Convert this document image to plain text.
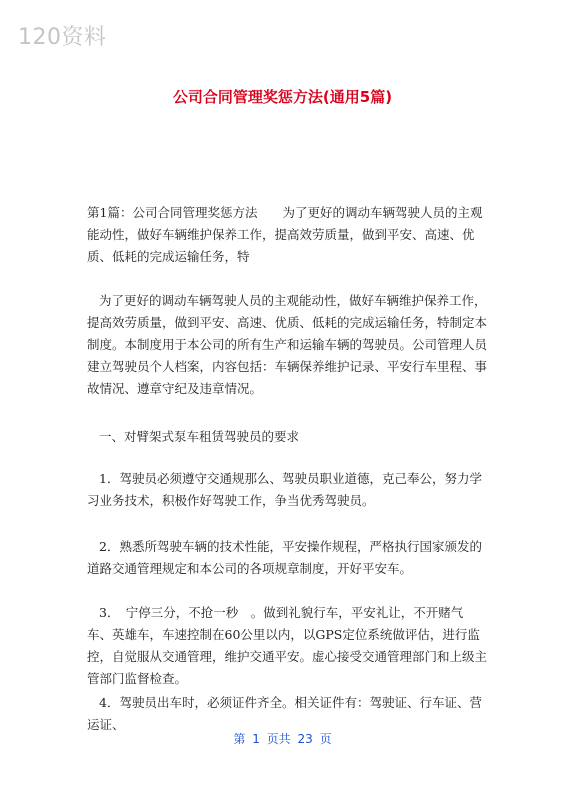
120资料
公司合同管理奖惩方法(通用5篇)

第1篇：公司合同管理奖惩方法　　为了更好的调动车辆驾驶人员的主观能动性，做好车辆维护保养工作，提高效劳质量，做到平安、高速、优质、低耗的完成运输任务，特

为了更好的调动车辆驾驶人员的主观能动性，做好车辆维护保养工作，提高效劳质量，做到平安、高速、优质、低耗的完成运输任务，特制定本制度。本制度用于本公司的所有生产和运输车辆的驾驶员。公司管理人员建立驾驶员个人档案，内容包括：车辆保养维护记录、平安行车里程、事故情况、遵章守纪及违章情况。

一、对臂架式泵车租赁驾驶员的要求

1．驾驶员必须遵守交通规那么、驾驶员职业道德，克己奉公，努力学习业务技术，积极作好驾驶工作，争当优秀驾驶员。

2．熟悉所驾驶车辆的技术性能，平安操作规程，严格执行国家颁发的道路交通管理规定和本公司的各项规章制度，开好平安车。

3．　宁停三分，不抢一秒　。做到礼貌行车，平安礼让，不开赌气车、英雄车，车速控制在60公里以内，以GPS定位系统做评估，进行监控，自觉服从交通管理，维护交通平安。虚心接受交通管理部门和上级主管部门监督检查。

4．驾驶员出车时，必须证件齐全。相关证件有：驾驶证、行车证、营运证、

第 1 页共 23 页
